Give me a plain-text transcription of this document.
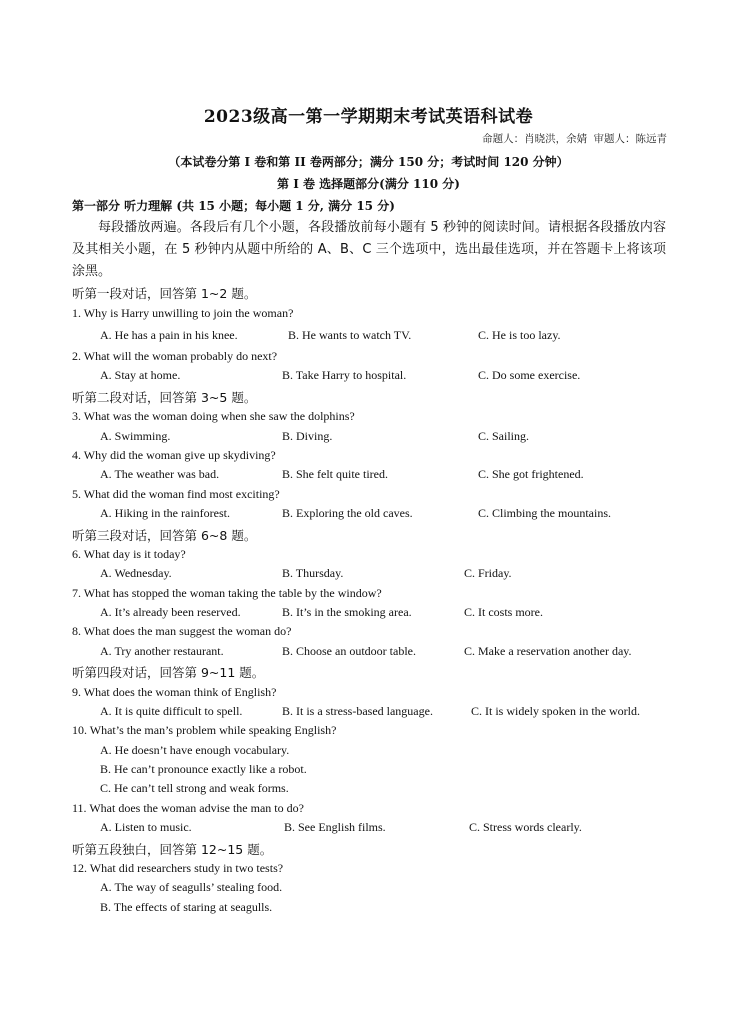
2023级高一第一学期期末考试英语科试卷
命题人：肖晓洪，余婧 审题人：陈远青
（本试卷分第 I 卷和第 II 卷两部分；满分 150 分；考试时间 120 分钟）
第 I 卷 选择题部分(满分 110 分)
第一部分 听力理解 (共 15 小题；每小题 1 分, 满分 15 分)
每段播放两遍。各段后有几个小题，各段播放前每小题有 5 秒钟的阅读时间。请根据各段播放内容及其相关小题，在 5 秒钟内从题中所给的 A、B、C 三个选项中，选出最佳选项，并在答题卡上将该项涂黑。
听第一段对话，回答第 1~2 题。
1. Why is Harry unwilling to join the woman?
A. He has a pain in his knee.	B. He wants to watch TV.	C. He is too lazy.
2. What will the woman probably do next?
A. Stay at home.	B. Take Harry to hospital.	C. Do some exercise.
听第二段对话，回答第 3~5 题。
3. What was the woman doing when she saw the dolphins?
A. Swimming.	B. Diving.	C. Sailing.
4. Why did the woman give up skydiving?
A. The weather was bad.	B. She felt quite tired.	C. She got frightened.
5. What did the woman find most exciting?
A. Hiking in the rainforest.	B. Exploring the old caves.	C. Climbing the mountains.
听第三段对话，回答第 6~8 题。
6. What day is it today?
A. Wednesday.	B. Thursday.	C. Friday.
7. What has stopped the woman taking the table by the window?
A. It’s already been reserved.	B. It’s in the smoking area.	C. It costs more.
8. What does the man suggest the woman do?
A. Try another restaurant.	B. Choose an outdoor table.	C. Make a reservation another day.
听第四段对话，回答第 9~11 题。
9. What does the woman think of English?
A. It is quite difficult to spell.	B. It is a stress-based language.	C. It is widely spoken in the world.
10. What’s the man’s problem while speaking English?
A. He doesn’t have enough vocabulary.
B. He can’t pronounce exactly like a robot.
C. He can’t tell strong and weak forms.
11. What does the woman advise the man to do?
A. Listen to music.	B. See English films.	C. Stress words clearly.
听第五段独白，回答第 12~15 题。
12. What did researchers study in two tests?
A. The way of seagulls’ stealing food.
B. The effects of staring at seagulls.
